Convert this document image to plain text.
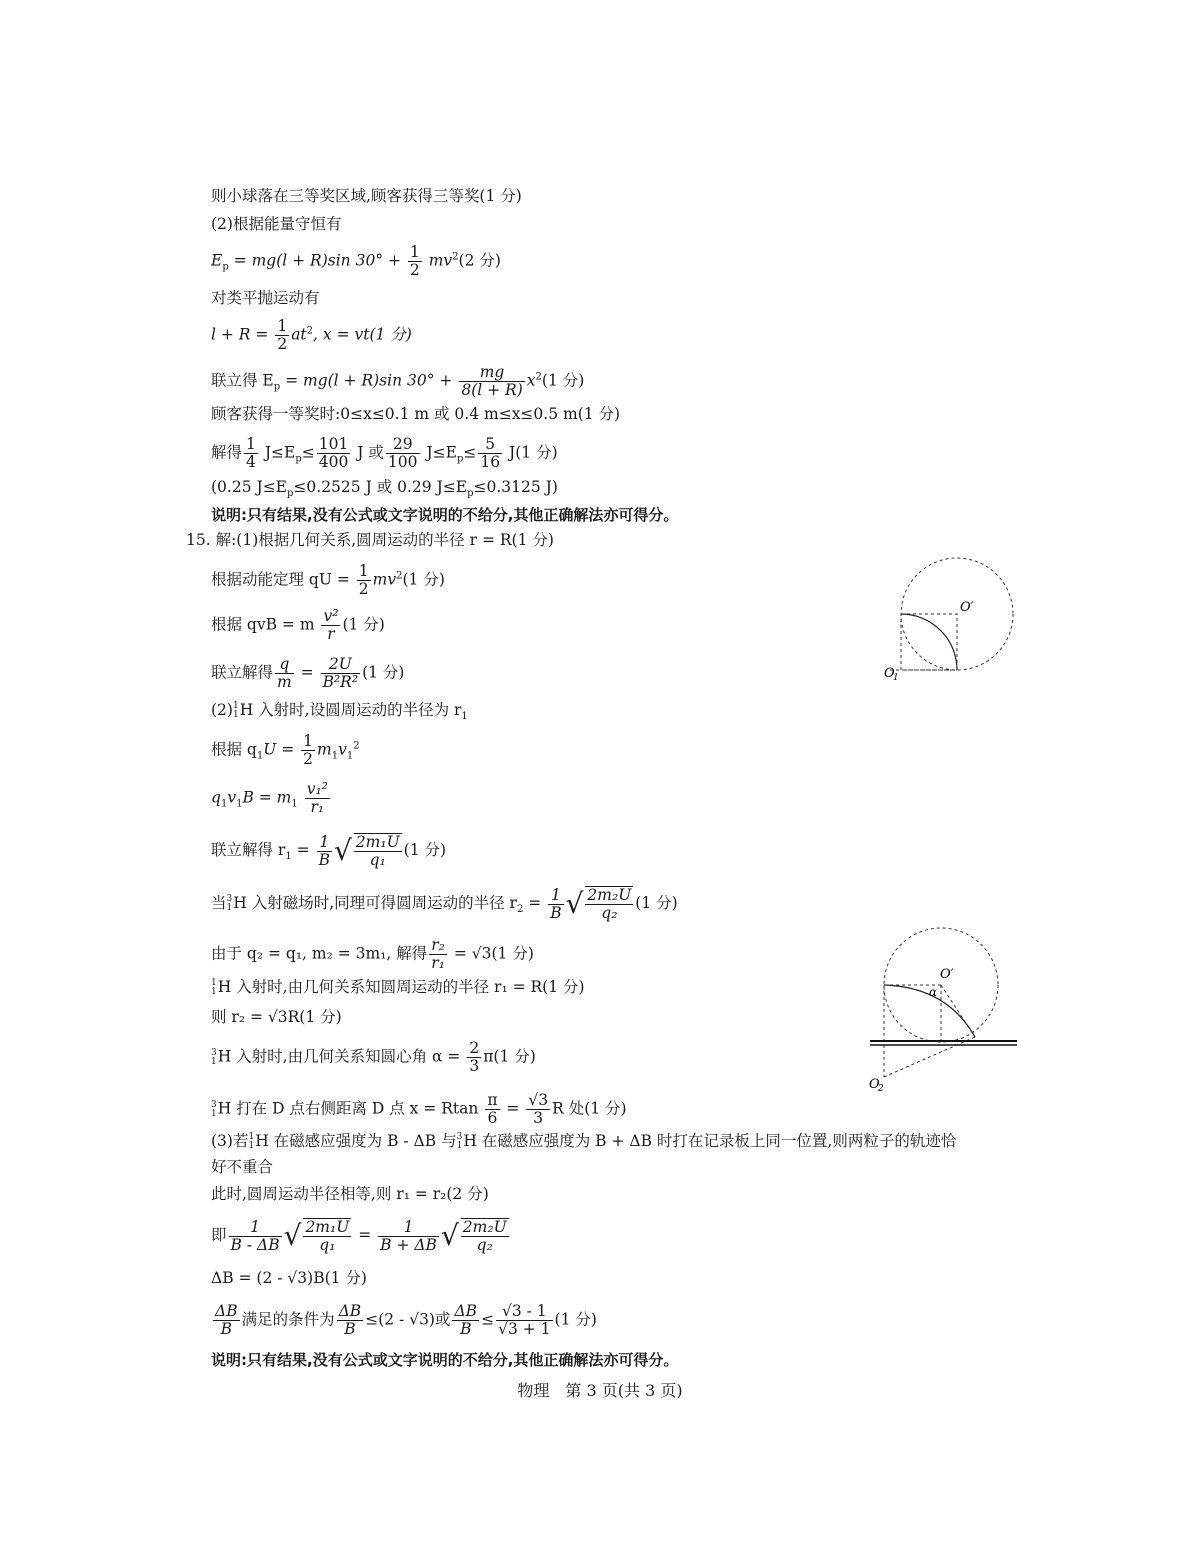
则小球落在三等奖区域,顾客获得三等奖(1 分)
(2)根据能量守恒有
$E_p = mg(l + R)\sin$ $30^\circ + \frac{1}{2} mv^2(2$ 分)
对类平抛运动有
$l + R = \frac{1}{2} at^2$, x = vt(1 分)
联立得 $E_p = mg(l + R)\sin$ $30^\circ + \frac{mg}{8(l + R)} x^2(1$ 分)
顾客获得一等奖时:0≤x≤0.1 m 或 0.4 m≤x≤0.5 m(1 分)
解得 $\frac{1}{4} J\le E_p\le \frac{101}{400}$ J 或 $\frac{29}{100} J\le E_p\le \frac{5}{16} J(1$ 分)
(0.25 $J\le E_p\le 0.2525$ J 或 0.29 $J\le E_p\le 0.3125$ J)
说明:只有结果,没有公式或文字说明的不给分,其他正确解法亦可得分。
15. 解:(1)根据几何关系,圆周运动的半径 r = R(1 分)
根据动能定理 qU = $\frac{1}{2} mv^2(1$ 分)
根据 qvB = m $\frac{\text{v²}}{r} (1$ 分)
联立解得 $\frac{q}{m} = \frac{2U}{\text{B²R²}} (1$ 分)
(2) 1
1 H 入射时,设圆周运动的半径为 $r_1$
根据 $q_1U = \frac{1}{2} m_1v_1^2$
$q_1v_1B = m_1 \frac{\text{v₁²}}{\text{r₁}}$
联立解得 $r_1 = \frac{1}{B}$ √ $\frac{\text{2m₁U}}{\text{q₁}} (1$ 分)
当 3
1 H 入射磁场时,同理可得圆周运动的半径 $r_2 = \frac{1}{B}$ √ $\frac{\text{2m₂U}}{\text{q₂}} (1$ 分)
由于 q₂ = q₁, m₂ = 3m₁, 解得 $\frac{\text{r₂}}{\text{r₁}} = √3(1$ 分)
1
1 H 入射时,由几何关系知圆周运动的半径 r₁ = R(1 分)
则 r₂ = √3R(1 分)
3
1 H 入射时,由几何关系知圆心角 $\alpha = \frac{2}{3} \pi(1$ 分)
3
1 H 打在 D 点右侧距离 D 点 x = Rtan $\frac{\pi}{6} = \frac{√3}{3}$ R 处(1 分)
(3)若 1
1 H 在磁感应强度为 B - ΔB 与 3
1 H 在磁感应强度为 B + ΔB 时打在记录板上同一位置,则两粒子的轨迹恰
好不重合
此时,圆周运动半径相等,则 r₁ = r₂(2 分)
即 $\frac{1}{B - \Delta B}$ √ $\frac{\text{2m₁U}}{\text{q₁}} = \frac{1}{B + \Delta B}$ √ $\frac{\text{2m₂U}}{\text{q₂}}$
ΔB = (2 - √3)B(1 分)
$\frac{\Delta B}{B}$ 满足的条件为 $\frac{\Delta B}{B} \le(2 - √3)$或 $\frac{\Delta B}{B} \le \frac{√3 - 1}{√3 + 1} (1$ 分)
说明:只有结果,没有公式或文字说明的不给分,其他正确解法亦可得分。
物理　第 3 页(共 3 页)
O′
O
1
O′
α
O
2
